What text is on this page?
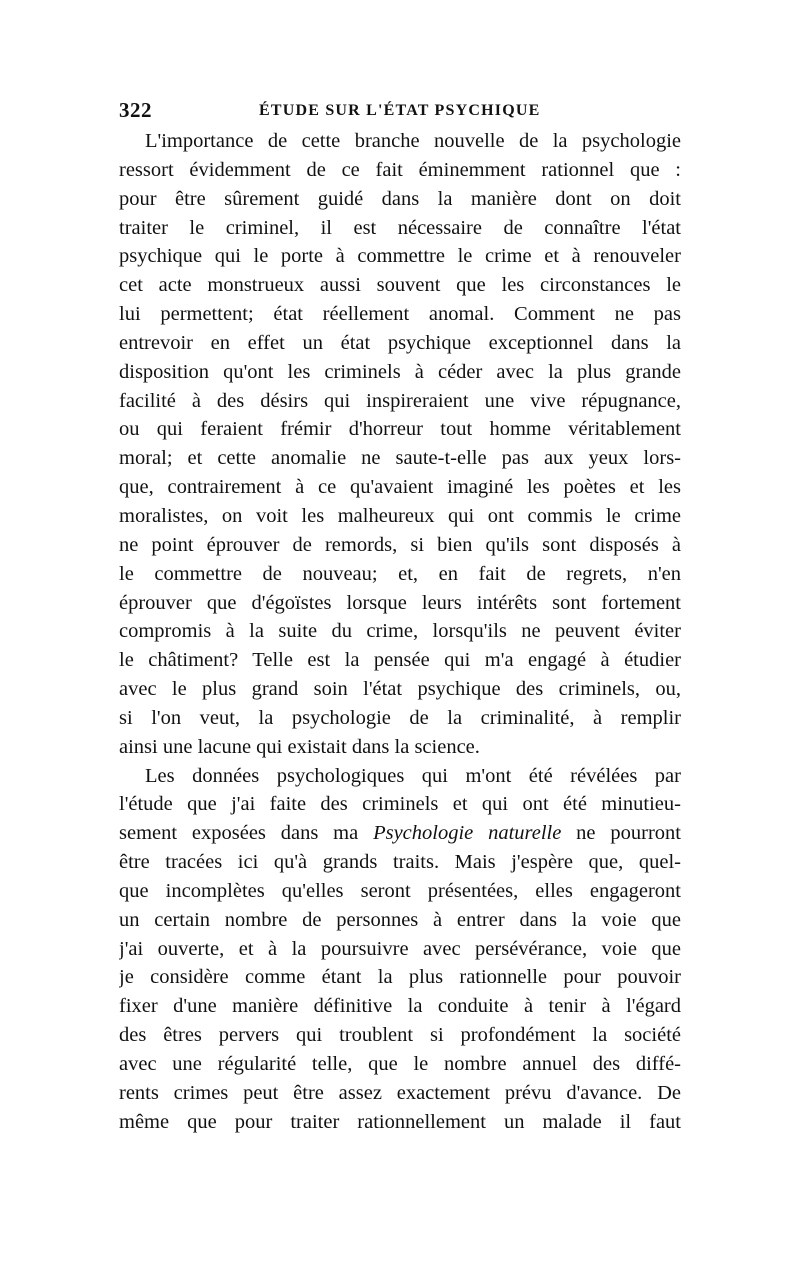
322	ÉTUDE SUR L'ÉTAT PSYCHIQUE
L'importance de cette branche nouvelle de la psychologie
ressort évidemment de ce fait éminemment rationnel que :
pour être sûrement guidé dans la manière dont on doit
traiter le criminel, il est nécessaire de connaître l'état
psychique qui le porte à commettre le crime et à renouveler
cet acte monstrueux aussi souvent que les circonstances le
lui permettent; état réellement anomal. Comment ne pas
entrevoir en effet un état psychique exceptionnel dans la
disposition qu'ont les criminels à céder avec la plus grande
facilité à des désirs qui inspireraient une vive répugnance,
ou qui feraient frémir d'horreur tout homme véritablement
moral; et cette anomalie ne saute-t-elle pas aux yeux lors-
que, contrairement à ce qu'avaient imaginé les poètes et les
moralistes, on voit les malheureux qui ont commis le crime
ne point éprouver de remords, si bien qu'ils sont disposés à
le commettre de nouveau; et, en fait de regrets, n'en
éprouver que d'égoïstes lorsque leurs intérêts sont fortement
compromis à la suite du crime, lorsqu'ils ne peuvent éviter
le châtiment? Telle est la pensée qui m'a engagé à étudier
avec le plus grand soin l'état psychique des criminels, ou,
si l'on veut, la psychologie de la criminalité, à remplir
ainsi une lacune qui existait dans la science.
Les données psychologiques qui m'ont été révélées par
l'étude que j'ai faite des criminels et qui ont été minutieu-
sement exposées dans ma Psychologie naturelle ne pourront
être tracées ici qu'à grands traits. Mais j'espère que, quel-
que incomplètes qu'elles seront présentées, elles engageront
un certain nombre de personnes à entrer dans la voie que
j'ai ouverte, et à la poursuivre avec persévérance, voie que
je considère comme étant la plus rationnelle pour pouvoir
fixer d'une manière définitive la conduite à tenir à l'égard
des êtres pervers qui troublent si profondément la société
avec une régularité telle, que le nombre annuel des diffé-
rents crimes peut être assez exactement prévu d'avance. De
même que pour traiter rationnellement un malade il faut
